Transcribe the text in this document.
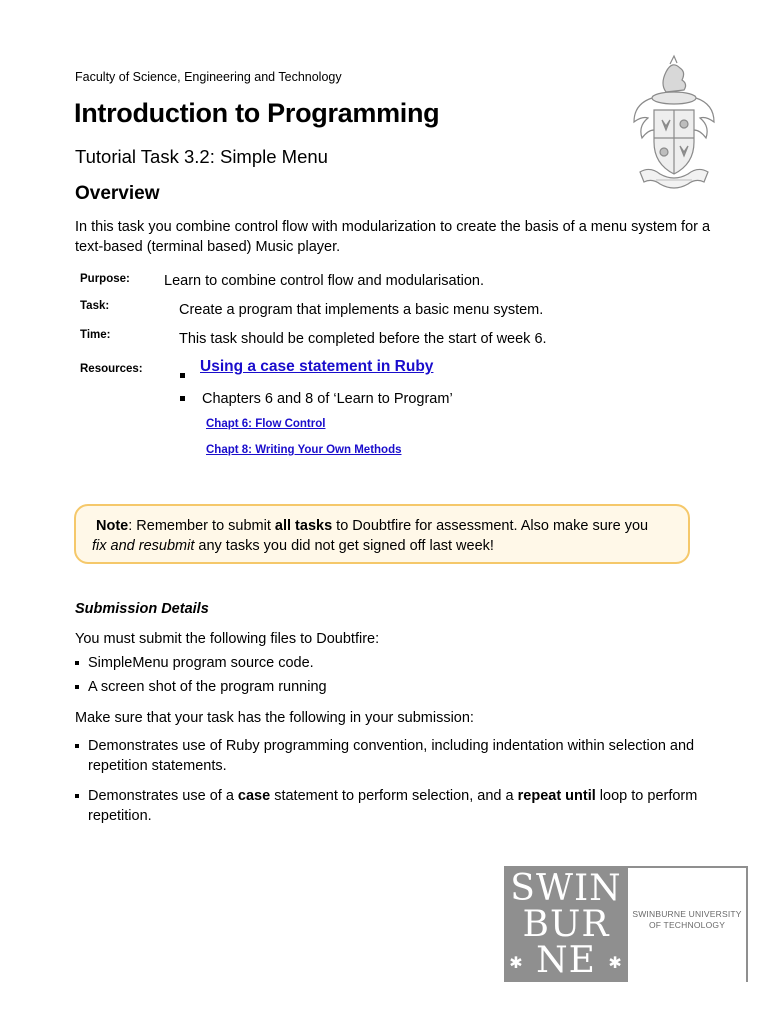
Faculty of Science, Engineering and Technology
Introduction to Programming
Tutorial Task 3.2: Simple Menu
Overview
In this task you combine control flow with modularization to create the basis of a menu system for a text-based (terminal based) Music player.
Purpose: Learn to combine control flow and modularisation.
Task:	Create a program that implements a basic menu system.
Time:	This task should be completed before the start of week 6.
Resources:	Using a case statement in Ruby
Chapters 6 and 8 of ‘Learn to Program’
Chapt 6: Flow Control
Chapt 8: Writing Your Own Methods
Note: Remember to submit all tasks to Doubtfire for assessment. Also make sure you
fix and resubmit any tasks you did not get signed off last week!
Submission Details
You must submit the following files to Doubtfire:
SimpleMenu program source code.
A screen shot of the program running
Make sure that your task has the following in your submission:
Demonstrates use of Ruby programming convention, including indentation within selection and repetition statements.
Demonstrates use of a case statement to perform selection, and a repeat until loop to perform repetition.
SWIN
BUR
✱ NE ✱
SWINBURNE UNIVERSITY
OF TECHNOLOGY
